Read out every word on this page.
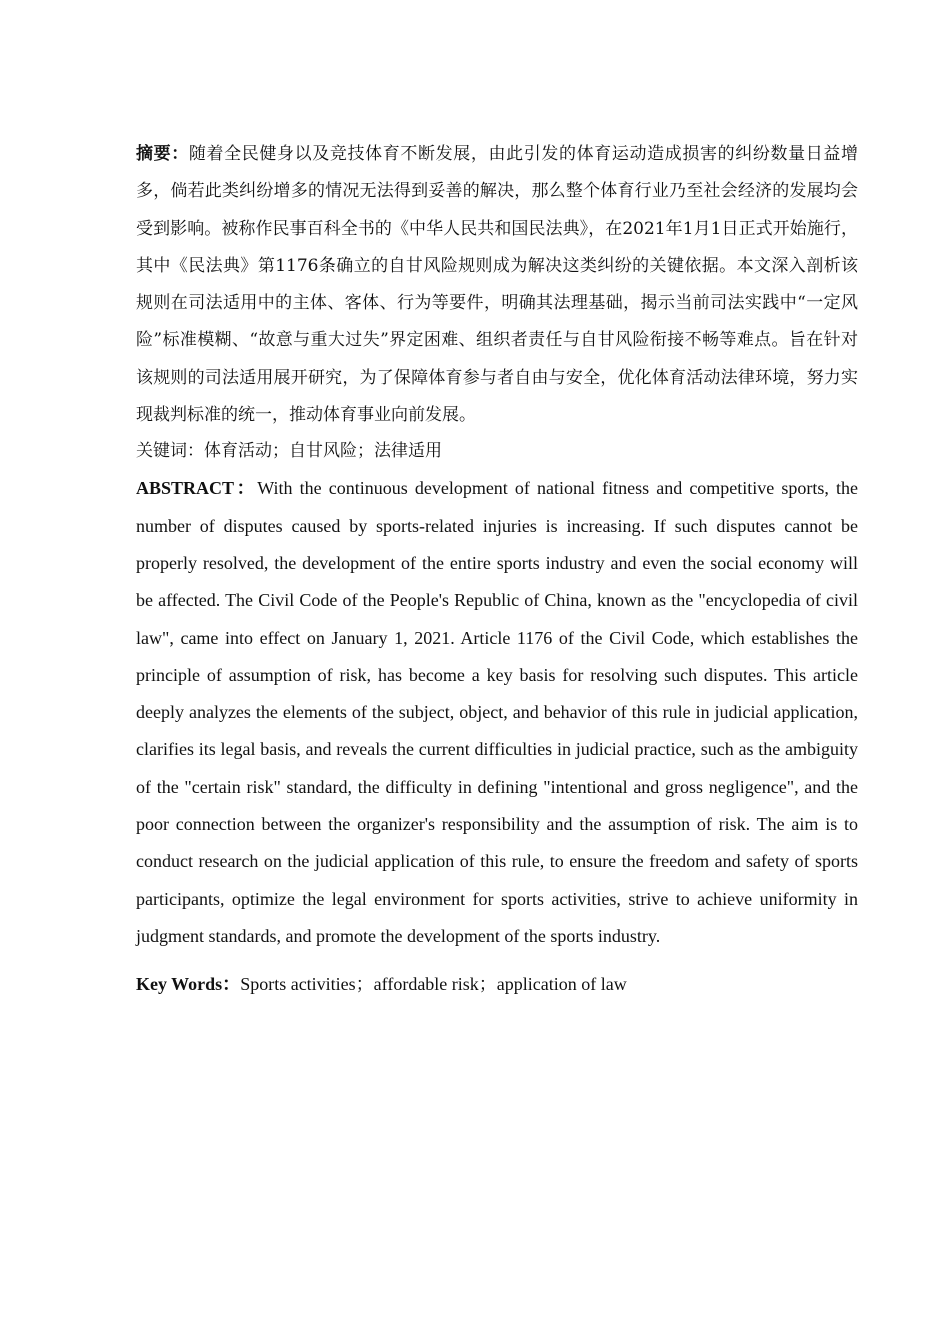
摘要：随着全民健身以及竞技体育不断发展，由此引发的体育运动造成损害的纠纷数量日益增多，倘若此类纠纷增多的情况无法得到妥善的解决，那么整个体育行业乃至社会经济的发展均会受到影响。被称作民事百科全书的《中华人民共和国民法典》，在2021年1月1日正式开始施行，其中《民法典》第1176条确立的自甘风险规则成为解决这类纠纷的关键依据。本文深入剖析该规则在司法适用中的主体、客体、行为等要件，明确其法理基础，揭示当前司法实践中“一定风险”标准模糊、“故意与重大过失”界定困难、组织者责任与自甘风险衔接不畅等难点。旨在针对该规则的司法适用展开研究，为了保障体育参与者自由与安全，优化体育活动法律环境，努力实现裁判标准的统一，推动体育事业向前发展。

关键词：体育活动；自甘风险；法律适用

ABSTRACT：With the continuous development of national fitness and competitive sports, the number of disputes caused by sports-related injuries is increasing. If such disputes cannot be properly resolved, the development of the entire sports industry and even the social economy will be affected. The Civil Code of the People's Republic of China, known as the "encyclopedia of civil law", came into effect on January 1, 2021. Article 1176 of the Civil Code, which establishes the principle of assumption of risk, has become a key basis for resolving such disputes. This article deeply analyzes the elements of the subject, object, and behavior of this rule in judicial application, clarifies its legal basis, and reveals the current difficulties in judicial practice, such as the ambiguity of the "certain risk" standard, the difficulty in defining "intentional and gross negligence", and the poor connection between the organizer's responsibility and the assumption of risk. The aim is to conduct research on the judicial application of this rule, to ensure the freedom and safety of sports participants, optimize the legal environment for sports activities, strive to achieve uniformity in judgment standards, and promote the development of the sports industry.

Key Words：Sports activities；affordable risk；application of law
